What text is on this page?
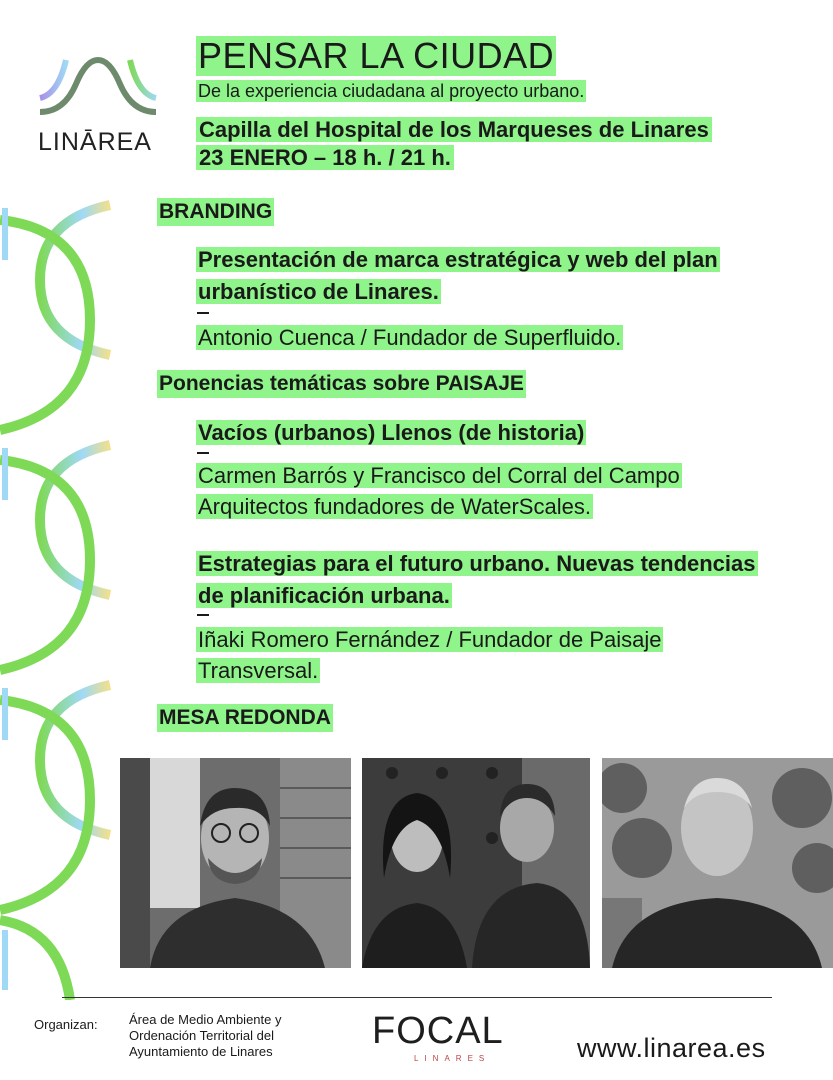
LINĀREA
PENSAR LA CIUDAD
De la experiencia ciudadana al proyecto urbano.
Capilla del Hospital de los Marqueses de Linares
23 ENERO – 18 h. / 21 h.
BRANDING
Presentación de marca estratégica y web del plan urbanístico de Linares.
Antonio Cuenca / Fundador de Superfluido.
Ponencias temáticas sobre PAISAJE
Vacíos (urbanos) Llenos (de historia)
Carmen Barrós y Francisco del Corral del Campo Arquitectos fundadores de WaterScales.
Estrategias para el futuro urbano. Nuevas tendencias de planificación urbana.
Iñaki Romero Fernández / Fundador de Paisaje Transversal.
MESA REDONDA
Organizan: Área de Medio Ambiente y Ordenación Territorial del Ayuntamiento de Linares	FOCAL
LINARES	www.linarea.es
